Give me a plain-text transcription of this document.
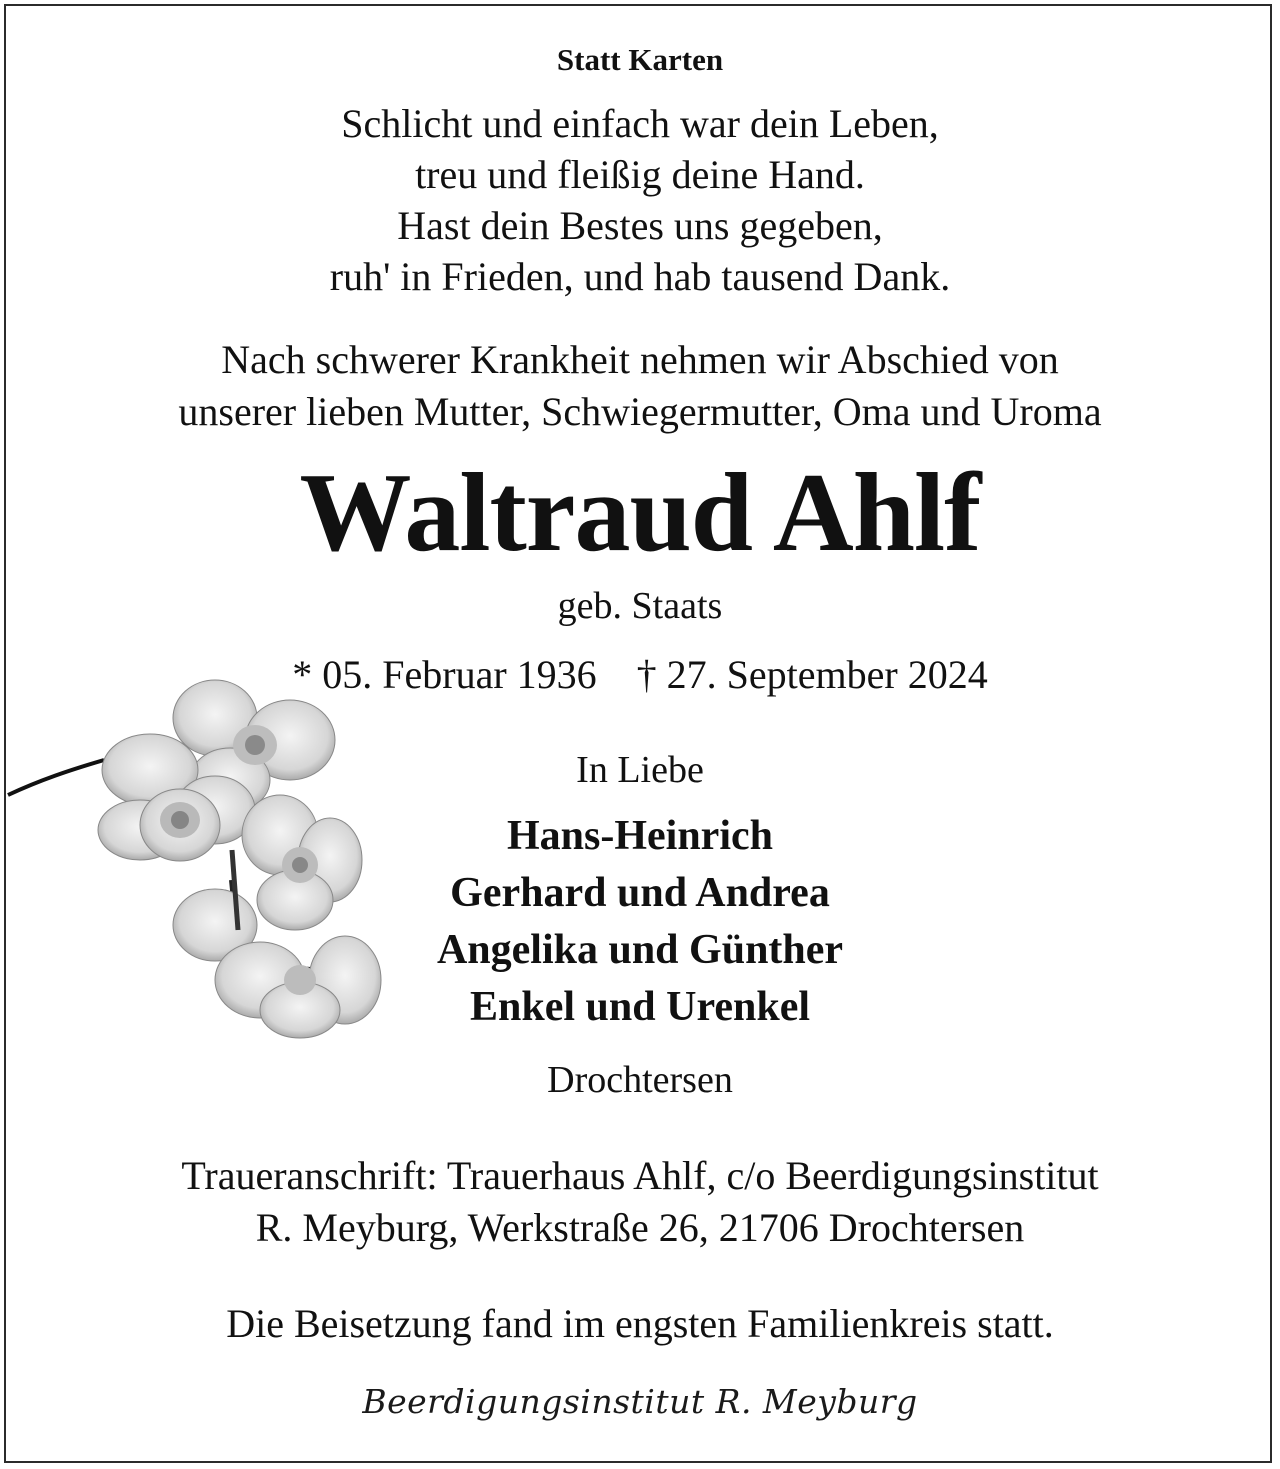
Statt Karten
Schlicht und einfach war dein Leben,
treu und fleißig deine Hand.
Hast dein Bestes uns gegeben,
ruh' in Frieden, und hab tausend Dank.
Nach schwerer Krankheit nehmen wir Abschied von
unserer lieben Mutter, Schwiegermutter, Oma und Uroma
Waltraud Ahlf
geb. Staats
* 05. Februar 1936 † 27. September 2024
In Liebe
Hans-Heinrich
Gerhard und Andrea
Angelika und Günther
Enkel und Urenkel
Drochtersen
Traueranschrift: Trauerhaus Ahlf, c/o Beerdigungsinstitut
R. Meyburg, Werkstraße 26, 21706 Drochtersen
Die Beisetzung fand im engsten Familienkreis statt.
Beerdigungsinstitut R. Meyburg
